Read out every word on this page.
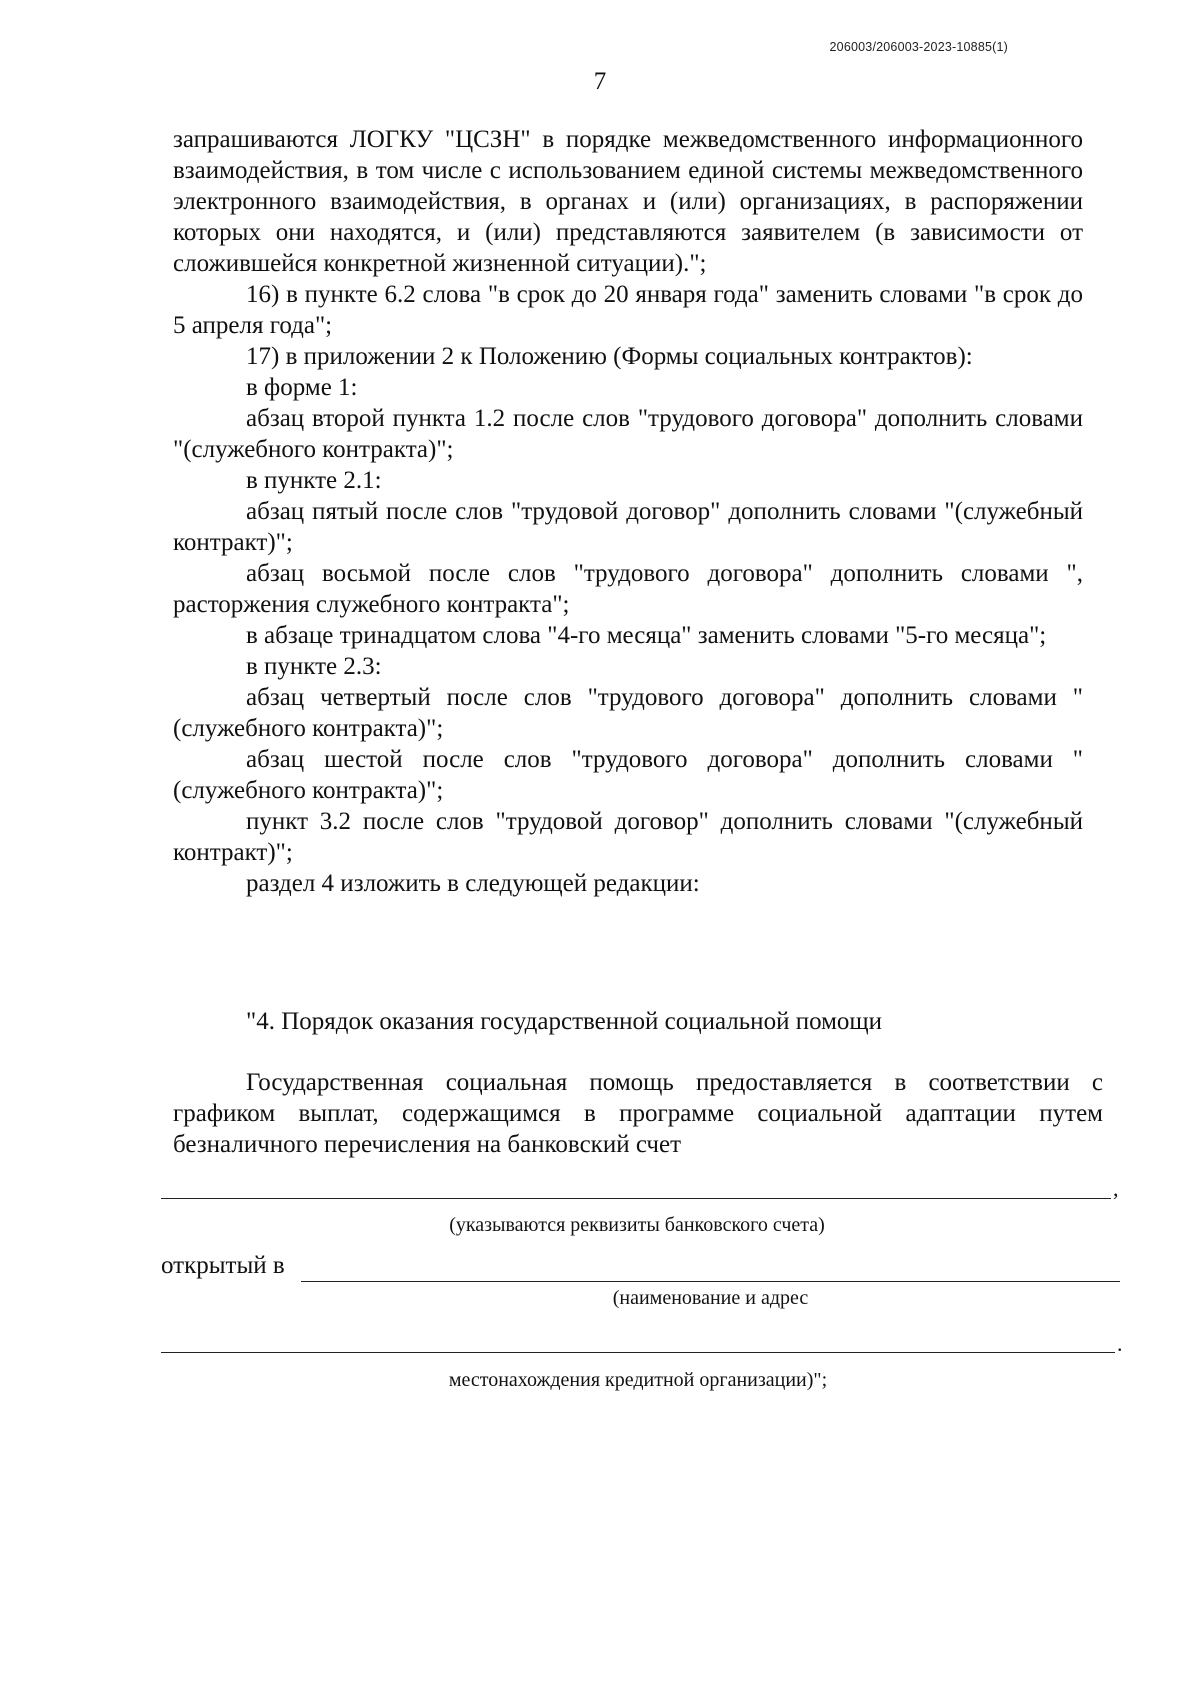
206003/206003-2023-10885(1)
7

запрашиваются ЛОГКУ "ЦСЗН" в порядке межведомственного информационного взаимодействия, в том числе с использованием единой системы межведомственного электронного взаимодействия, в органах и (или) организациях, в распоряжении которых они находятся, и (или) представляются заявителем (в зависимости от сложившейся конкретной жизненной ситуации).";

16) в пункте 6.2 слова "в срок до 20 января года" заменить словами "в срок до 5 апреля года";

17) в приложении 2 к Положению (Формы социальных контрактов):

в форме 1:

абзац второй пункта 1.2 после слов "трудового договора" дополнить словами "(служебного контракта)";

в пункте 2.1:

абзац пятый после слов "трудовой договор" дополнить словами "(служебный контракт)";

абзац восьмой после слов "трудового договора" дополнить словами ", расторжения служебного контракта";

в абзаце тринадцатом слова "4-го месяца" заменить словами "5-го месяца";

в пункте 2.3:

абзац четвертый после слов "трудового договора" дополнить словами "(служебного контракта)";

абзац шестой после слов "трудового договора" дополнить словами "(служебного контракта)";

пункт 3.2 после слов "трудовой договор" дополнить словами "(служебный контракт)";

раздел 4 изложить в следующей редакции:

"4. Порядок оказания государственной социальной помощи

Государственная социальная помощь предоставляется в соответствии с графиком выплат, содержащимся в программе социальной адаптации путем безналичного перечисления на банковский счет

,
(указываются реквизиты банковского счета)
открытый в
(наименование и адрес
.
местонахождения кредитной организации)";
